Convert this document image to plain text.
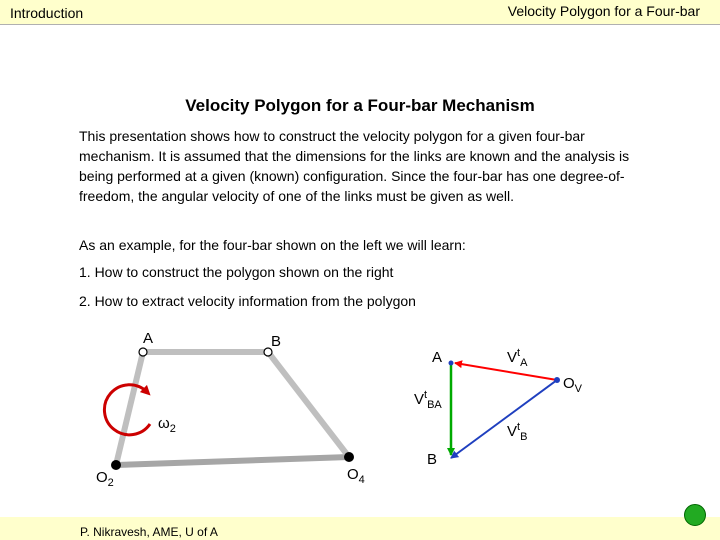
Introduction	Velocity Polygon for a Four-bar
Velocity Polygon for a Four-bar Mechanism
This presentation shows how to construct the velocity polygon for a given four-bar mechanism. It is assumed that the dimensions for the links are known and the analysis is being performed at a given (known) configuration. Since the four-bar has one degree-of-freedom, the angular velocity of one of the links must be given as well.
As an example, for the four-bar shown on the left we will learn:
1. How to construct the polygon shown on the right
2. How to extract velocity information from the polygon
A	B
$\omega_2$
$O_2$	$O_4$
A
B
$O_V$
$V^t_A$
$V^t_{BA}$
$V^t_B$
P. Nikravesh, AME, U of A
